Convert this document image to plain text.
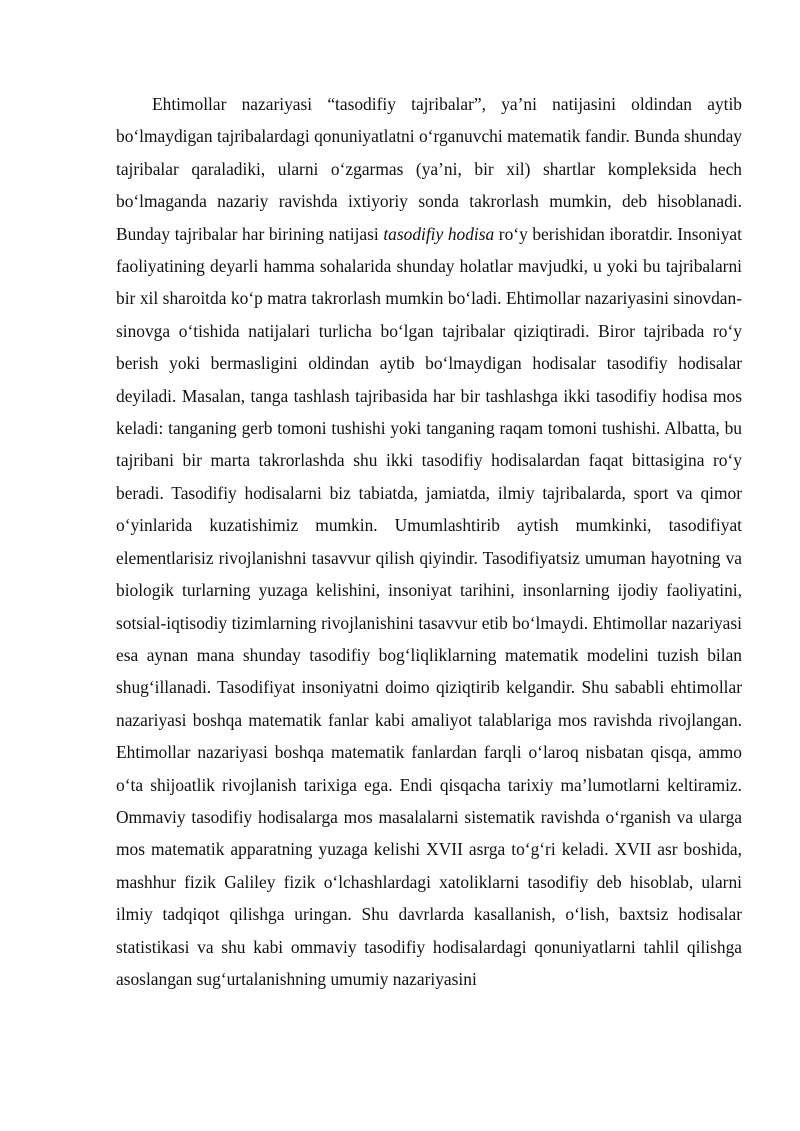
Ehtimollar nazariyasi “tasodifiy tajribalar”, ya’ni natijasini oldindan aytib bo‘lmaydigan tajribalardagi qonuniyatlatni o‘rganuvchi matematik fandir. Bunda shunday tajribalar qaraladiki, ularni o‘zgarmas (ya’ni, bir xil) shartlar kompleksida hech bo‘lmaganda nazariy ravishda ixtiyoriy sonda takrorlash mumkin, deb hisoblanadi. Bunday tajribalar har birining natijasi tasodifiy hodisa ro‘y berishidan iboratdir. Insoniyat faoliyatining deyarli hamma sohalarida shunday holatlar mavjudki, u yoki bu tajribalarni bir xil sharoitda ko‘p matra takrorlash mumkin bo‘ladi. Ehtimollar nazariyasini sinovdan-sinovga o‘tishida natijalari turlicha bo‘lgan tajribalar qiziqtiradi. Biror tajribada ro‘y berish yoki bermasligini oldindan aytib bo‘lmaydigan hodisalar tasodifiy hodisalar deyiladi. Masalan, tanga tashlash tajribasida har bir tashlashga ikki tasodifiy hodisa mos keladi: tanganing gerb tomoni tushishi yoki tanganing raqam tomoni tushishi. Albatta, bu tajribani bir marta takrorlashda shu ikki tasodifiy hodisalardan faqat bittasigina ro‘y beradi. Tasodifiy hodisalarni biz tabiatda, jamiatda, ilmiy tajribalarda, sport va qimor o‘yinlarida kuzatishimiz mumkin. Umumlashtirib aytish mumkinki, tasodifiyat elementlarisiz rivojlanishni tasavvur qilish qiyindir. Tasodifiyatsiz umuman hayotning va biologik turlarning yuzaga kelishini, insoniyat tarihini, insonlarning ijodiy faoliyatini, sotsial-iqtisodiy tizimlarning rivojlanishini tasavvur etib bo‘lmaydi. Ehtimollar nazariyasi esa aynan mana shunday tasodifiy bog‘liqliklarning matematik modelini tuzish bilan shug‘illanadi. Tasodifiyat insoniyatni doimo qiziqtirib kelgandir. Shu sababli ehtimollar nazariyasi boshqa matematik fanlar kabi amaliyot talablariga mos ravishda rivojlangan. Ehtimollar nazariyasi boshqa matematik fanlardan farqli o‘laroq nisbatan qisqa, ammo o‘ta shijoatlik rivojlanish tarixiga ega. Endi qisqacha tarixiy ma’lumotlarni keltiramiz. Ommaviy tasodifiy hodisalarga mos masalalarni sistematik ravishda o‘rganish va ularga mos matematik apparatning yuzaga kelishi XVII asrga to‘g‘ri keladi. XVII asr boshida, mashhur fizik Galiley fizik o‘lchashlardagi xatoliklarni tasodifiy deb hisoblab, ularni ilmiy tadqiqot qilishga uringan. Shu davrlarda kasallanish, o‘lish, baxtsiz hodisalar statistikasi va shu kabi ommaviy tasodifiy hodisalardagi qonuniyatlarni tahlil qilishga asoslangan sug‘urtalanishning umumiy nazariyasini
